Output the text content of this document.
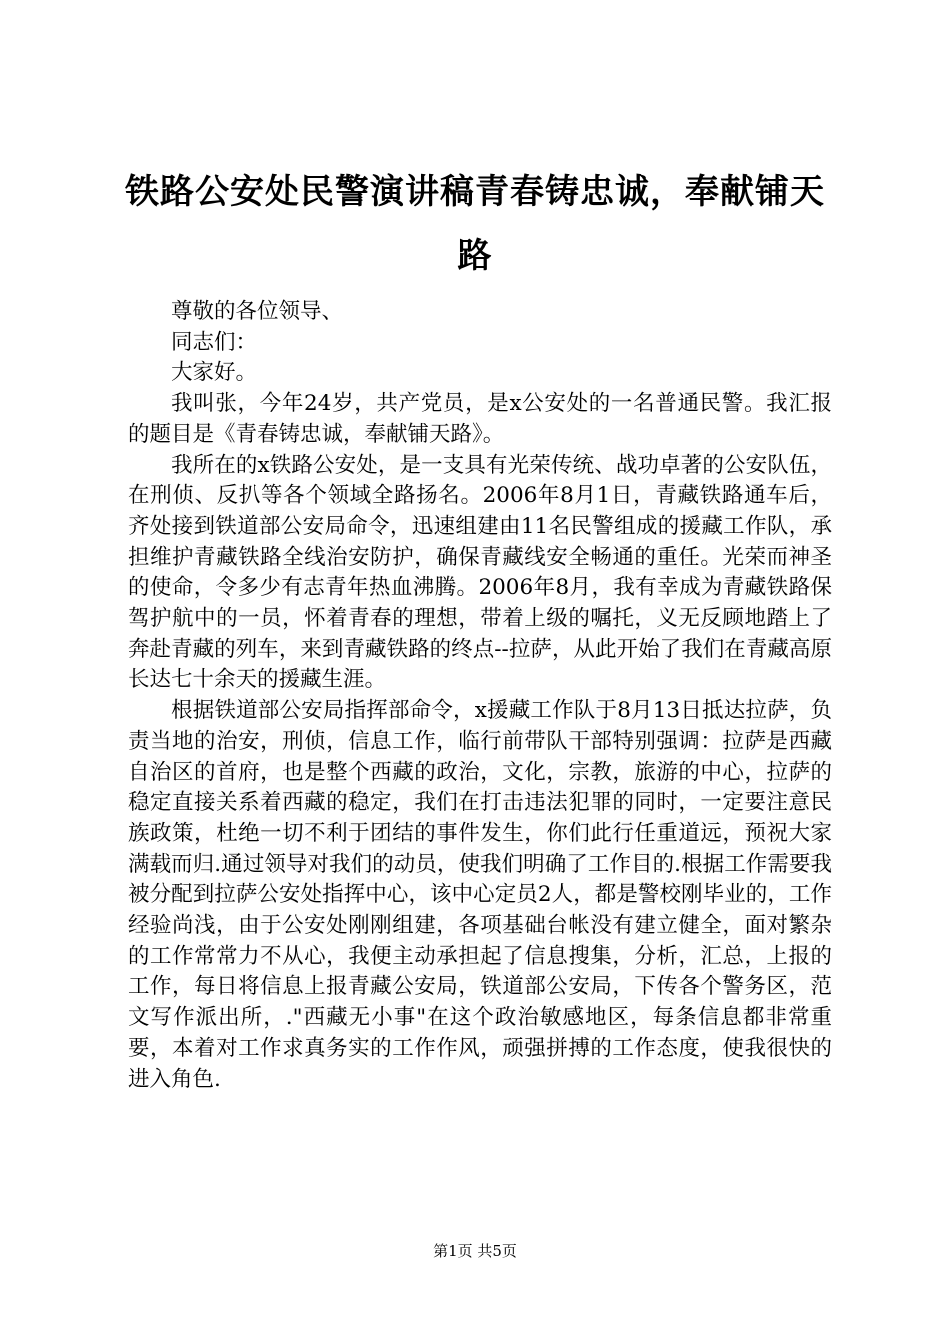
铁路公安处民警演讲稿青春铸忠诚，奉献铺天路

尊敬的各位领导、

同志们：

大家好。

我叫张，今年24岁，共产党员，是x公安处的一名普通民警。我汇报的题目是《青春铸忠诚，奉献铺天路》。

我所在的x铁路公安处，是一支具有光荣传统、战功卓著的公安队伍，在刑侦、反扒等各个领域全路扬名。2006年8月1日，青藏铁路通车后，齐处接到铁道部公安局命令，迅速组建由11名民警组成的援藏工作队，承担维护青藏铁路全线治安防护，确保青藏线安全畅通的重任。光荣而神圣的使命，令多少有志青年热血沸腾。2006年8月，我有幸成为青藏铁路保驾护航中的一员，怀着青春的理想，带着上级的嘱托，义无反顾地踏上了奔赴青藏的列车，来到青藏铁路的终点--拉萨，从此开始了我们在青藏高原长达七十余天的援藏生涯。

根据铁道部公安局指挥部命令，x援藏工作队于8月13日抵达拉萨，负责当地的治安，刑侦，信息工作，临行前带队干部特别强调：拉萨是西藏自治区的首府，也是整个西藏的政治，文化，宗教，旅游的中心，拉萨的稳定直接关系着西藏的稳定，我们在打击违法犯罪的同时，一定要注意民族政策，杜绝一切不利于团结的事件发生，你们此行任重道远，预祝大家满载而归.通过领导对我们的动员，使我们明确了工作目的.根据工作需要我被分配到拉萨公安处指挥中心，该中心定员2人，都是警校刚毕业的，工作经验尚浅，由于公安处刚刚组建，各项基础台帐没有建立健全，面对繁杂的工作常常力不从心，我便主动承担起了信息搜集，分析，汇总，上报的工作，每日将信息上报青藏公安局，铁道部公安局，下传各个警务区，范文写作派出所，."西藏无小事"在这个政治敏感地区，每条信息都非常重要，本着对工作求真务实的工作作风，顽强拼搏的工作态度，使我很快的进入角色.

第1页 共5页
